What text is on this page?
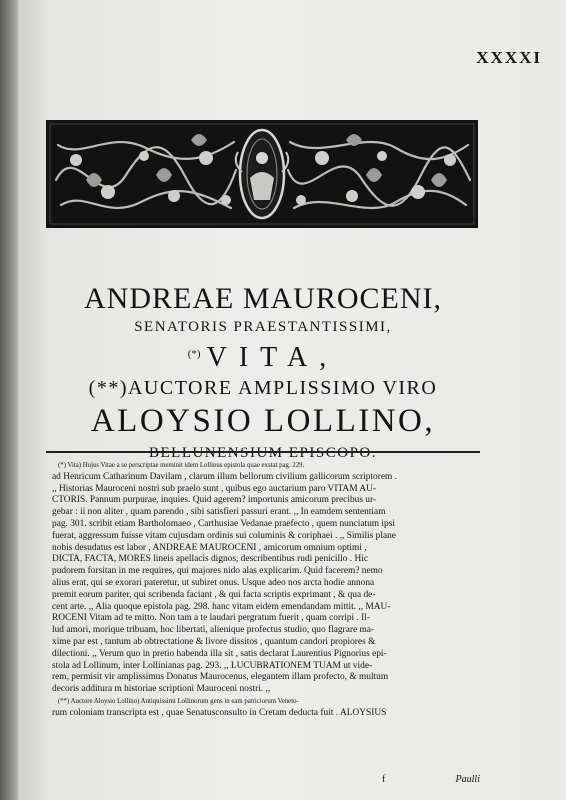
XXXXI
ANDREAE MAUROCENI,
SENATORIS PRAESTANTISSIMI,
(*) VITA,
(**)AUCTORE AMPLISSIMO VIRO
ALOYSIO LOLLINO,
BELLUNENSIUM EPISCOPO.
(*) Vita) Hujus Vitae a se perscriptae meminit idem Lollinus epistola quae exstat pag. 229.
ad Henricum Catharinum Davilam , clarum illum bellorum civilium gallicorum scriptorem .
,, Historias Mauroceni nostri sub praelo sunt , quibus ego auctarium paro VITAM AU-
CTORIS. Pannum purpurae, inquies. Quid agerem? importunis amicorum precibus ur-
gebar : ii non aliter , quam parendo , sibi satisfieri passuri erant. ,, In eamdem sententiam
pag. 301. scribit etiam Bartholomaeo , Carthusiae Vedanae praefecto , quem nunciatum ipsi
fuerat, aggressum fuisse vitam cujusdam ordinis sui columinis & coriphaei . ,, Similis plane
nobis desudatus est labor , ANDREAE MAUROCENI , amicorum omnium optimi ,
DICTA, FACTA, MORES lineis apellacis dignos, describentibus rudi penicillo . Hic
pudorem forsitan in me requires, qui majores nido alas explicarim. Quid facerem? nemo
alius erat, qui se exorari pateretur, ut subiret onus. Usque adeo nos arcta hodie annona
premit eorum pariter, qui scribenda faciant , & qui facta scriptis exprimant , & qua de-
cent arte. ,, Alia quoque epistola pag. 298. hanc vitam eidem emendandam mittit. ,, MAU-
ROCENI Vitam ad te mitto. Non tam a te laudari pergratum fuerit , quam corripi . Il-
lud amori, morique tribuam, hoc libertati, alienique profectus studio, quo flagrare ma-
xime par est , tantum ab obtrectatione & livore dissitos , quantum candori propiores &
dilectioni. ,, Verum quo in pretio habenda illa sit , satis declarat Laurentius Pignorius epi-
stola ad Lollinum, inter Lollinianas pag. 293. ,, LUCUBRATIONEM TUAM ut vide-
rem, permisit vir amplissimus Donatus Maurocenus, elegantem illam profecto, & multum
decoris additura m historiae scriptioni Mauroceni nostri. ,,
(**) Auctore Aloysio Lollino) Antiquissimi Lollinorum gens in eam patriciorum Veneto-
rum coloniam transcripta est , quae Senatusconsulto in Cretam deducta fuit . ALOYSIUS
f	Paulli
